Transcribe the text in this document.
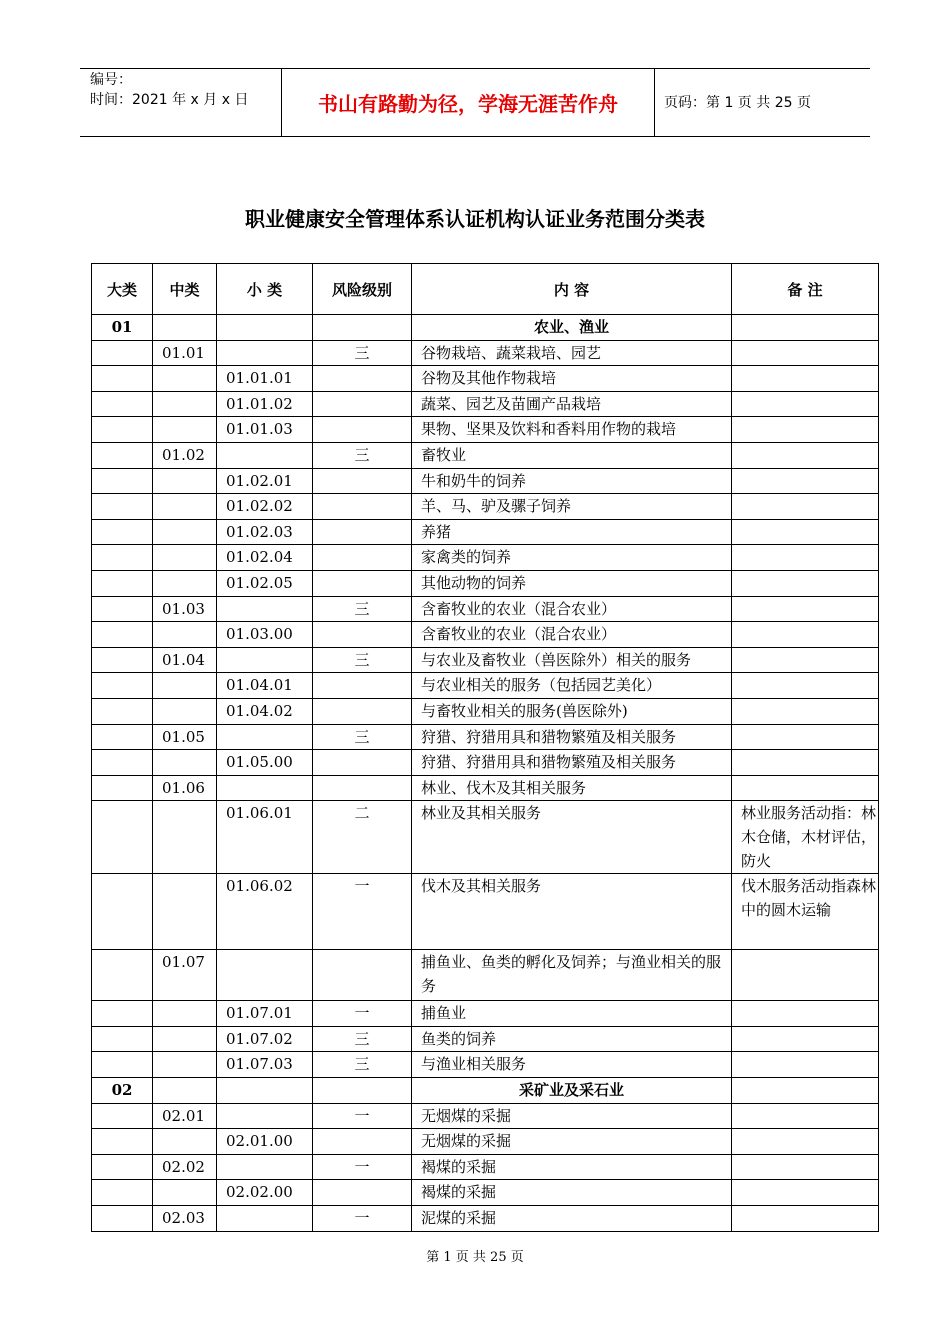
编号：
时间：2021 年 x 月 x 日	书山有路勤为径，学海无涯苦作舟	页码：第 1 页 共 25 页
职业健康安全管理体系认证机构认证业务范围分类表
大类	中类	小 类	风险级别	内 容	备 注
01				农业、渔业	
	01.01		三	谷物栽培、蔬菜栽培、园艺	
		01.01.01		谷物及其他作物栽培	
		01.01.02		蔬菜、园艺及苗圃产品栽培	
		01.01.03		果物、坚果及饮料和香料用作物的栽培	
	01.02		三	畜牧业	
		01.02.01		牛和奶牛的饲养	
		01.02.02		羊、马、驴及骡子饲养	
		01.02.03		养猪	
		01.02.04		家禽类的饲养	
		01.02.05		其他动物的饲养	
	01.03		三	含畜牧业的农业（混合农业）	
		01.03.00		含畜牧业的农业（混合农业）	
	01.04		三	与农业及畜牧业（兽医除外）相关的服务	
		01.04.01		与农业相关的服务（包括园艺美化）	
		01.04.02		与畜牧业相关的服务(兽医除外)	
	01.05		三	狩猎、狩猎用具和猎物繁殖及相关服务	
		01.05.00		狩猎、狩猎用具和猎物繁殖及相关服务	
	01.06			林业、伐木及其相关服务	
		01.06.01	二	林业及其相关服务	林业服务活动指：林木仓储，木材评估，防火
		01.06.02	一	伐木及其相关服务	伐木服务活动指森林中的圆木运输
	01.07			捕鱼业、鱼类的孵化及饲养；与渔业相关的服务	
		01.07.01	一	捕鱼业	
		01.07.02	三	鱼类的饲养	
		01.07.03	三	与渔业相关服务	
02				采矿业及采石业	
	02.01		一	无烟煤的采掘	
		02.01.00		无烟煤的采掘	
	02.02		一	褐煤的采掘	
		02.02.00		褐煤的采掘	
	02.03		一	泥煤的采掘	
第 1 页 共 25 页
